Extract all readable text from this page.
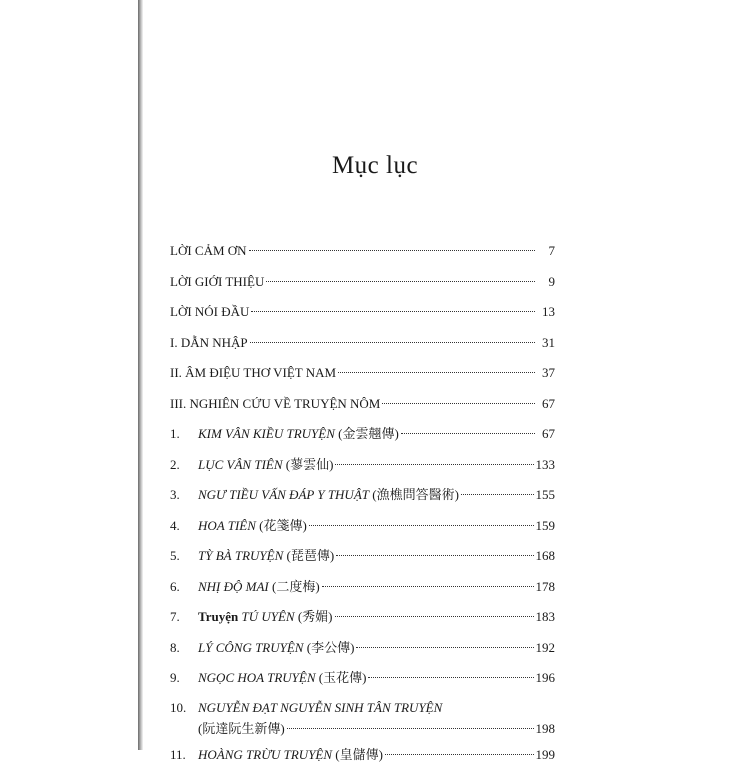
Mục lục
LỜI CẢM ƠN	7
LỜI GIỚI THIỆU	9
LỜI NÓI ĐẦU	13
I. DẪN NHẬP	31
II. ÂM ĐIỆU THƠ VIỆT NAM	37
III. NGHIÊN CỨU VỀ TRUYỆN NÔM	67
1.	KIM VÂN KIỀU TRUYỆN (金雲翹傳)	67
2.	LỤC VÂN TIÊN (蓼雲仙)	133
3.	NGƯ TIỀU VẤN ĐÁP Y THUẬT (漁樵問答醫術)	155
4.	HOA TIÊN (花箋傳)	159
5.	TỲ BÀ TRUYỆN (琵琶傳)	168
6.	NHỊ ĐỘ MAI (二度梅)	178
7.	Truyện TÚ UYÊN (秀媚)	183
8.	LÝ CÔNG TRUYỆN (李公傳)	192
9.	NGỌC HOA TRUYỆN (玉花傳)	196
10. NGUYỄN ĐẠT NGUYỄN SINH TÂN TRUYỆN
(阮達阮生新傳)	198
11. HOÀNG TRỪU TRUYỆN (皇儲傳)	199
